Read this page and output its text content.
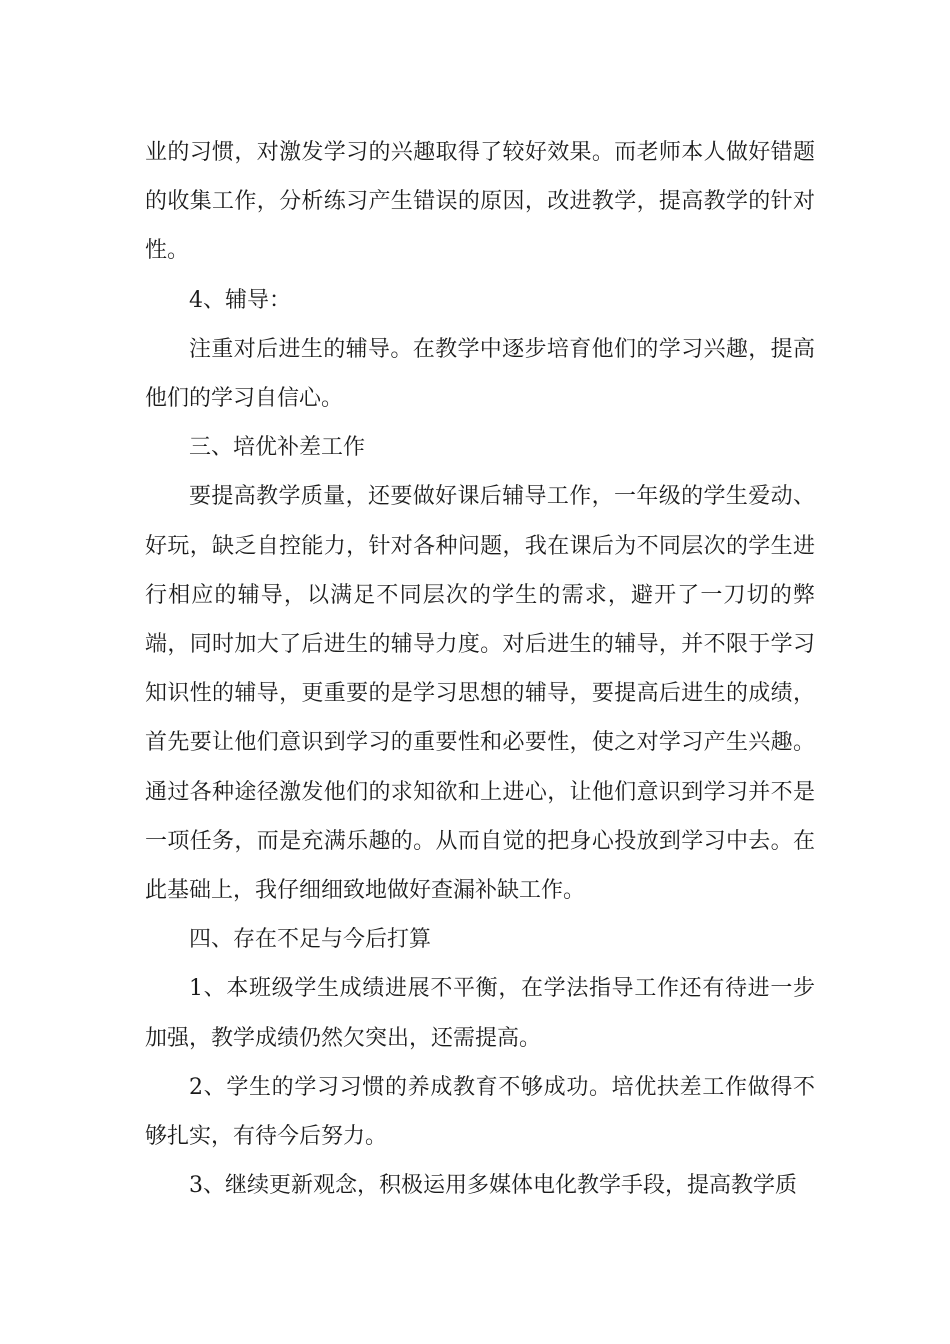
业的习惯，对激发学习的兴趣取得了较好效果。而老师本人做好错题的收集工作，分析练习产生错误的原因，改进教学，提高教学的针对性。

4、辅导：

注重对后进生的辅导。在教学中逐步培育他们的学习兴趣，提高他们的学习自信心。

三、培优补差工作

要提高教学质量，还要做好课后辅导工作，一年级的学生爱动、好玩，缺乏自控能力，针对各种问题，我在课后为不同层次的学生进行相应的辅导，以满足不同层次的学生的需求，避开了一刀切的弊端，同时加大了后进生的辅导力度。对后进生的辅导，并不限于学习知识性的辅导，更重要的是学习思想的辅导，要提高后进生的成绩，首先要让他们意识到学习的重要性和必要性，使之对学习产生兴趣。通过各种途径激发他们的求知欲和上进心，让他们意识到学习并不是一项任务，而是充满乐趣的。从而自觉的把身心投放到学习中去。在此基础上，我仔细细致地做好查漏补缺工作。

四、存在不足与今后打算

1、本班级学生成绩进展不平衡，在学法指导工作还有待进一步加强，教学成绩仍然欠突出，还需提高。

2、学生的学习习惯的养成教育不够成功。培优扶差工作做得不够扎实，有待今后努力。

3、继续更新观念，积极运用多媒体电化教学手段，提高教学质
